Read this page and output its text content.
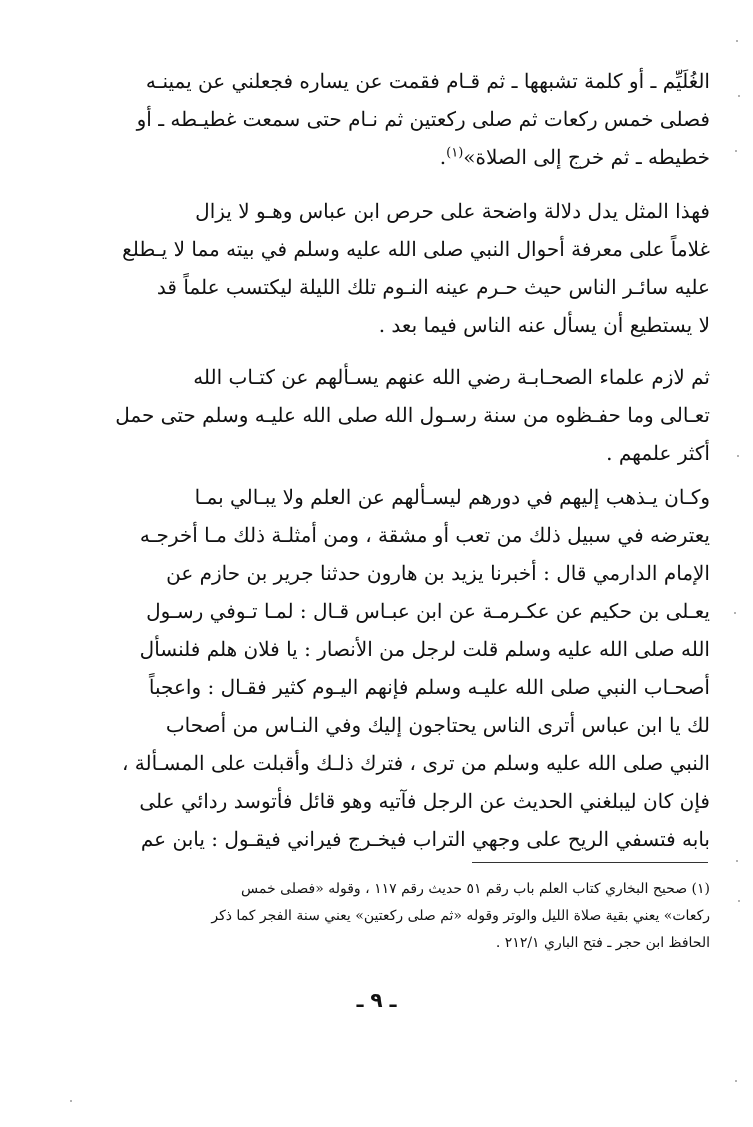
الغُلَيِّم ـ أو كلمة تشبهها ـ ثم قـام فقمت عن يساره فجعلني عن يمينـه
فصلى خمس ركعات ثم صلى ركعتين ثم نـام حتى سمعت غطيـطه ـ أو
خطيطه ـ ثم خرج إلى الصلاة»$^{(١)}$.

فهذا المثل يدل دلالة واضحة على حرص ابن عباس وهـو لا يزال
غلاماً على معرفة أحوال النبي صلى الله عليه وسلم في بيته مما لا يـطلع
عليه سائـر الناس حيث حـرم عينه النـوم تلك الليلة ليكتسب علماً قد
لا يستطيع أن يسأل عنه الناس فيما بعد .

ثم لازم علماء الصحـابـة رضي الله عنهم يسـألهم عن كتـاب الله
تعـالى وما حفـظوه من سنة رسـول الله صلى الله عليـه وسلم حتى حمل
أكثر علمهم .

وكـان يـذهب إليهم في دورهم ليسـألهم عن العلم ولا يبـالي بمـا
يعترضه في سبيل ذلك من تعب أو مشقة ، ومن أمثلـة ذلك مـا أخرجـه
الإمام الدارمي قال : أخبرنا يزيد بن هارون حدثنا جرير بن حازم عن
يعـلى بن حكيم عن عكـرمـة عن ابن عبـاس قـال : لمـا تـوفي رسـول
الله صلى الله عليه وسلم قلت لرجل من الأنصار : يا فلان هلم فلنسأل
أصحـاب النبي صلى الله عليـه وسلم فإنهم اليـوم كثير فقـال : واعجباً
لك يا ابن عباس أترى الناس يحتاجون إليك وفي النـاس من أصحاب
النبي صلى الله عليه وسلم من ترى ، فترك ذلـك وأقبلت على المسـألة ،
فإن كان ليبلغني الحديث عن الرجل فآتيه وهو قائل فأتوسد ردائي على
بابه فتسفي الريح على وجهي التراب فيخـرج فيراني فيقـول : يابن عم

(١) صحيح البخاري كتاب العلم باب رقم ٥١ حديث رقم ١١٧ ، وقوله «فصلى خمس
ركعات» يعني بقية صلاة الليل والوتر وقوله «ثم صلى ركعتين» يعني سنة الفجر كما ذكر
الحافظ ابن حجر ـ فتح الباري ٢١٢/١ .

ـ ٩ ـ
